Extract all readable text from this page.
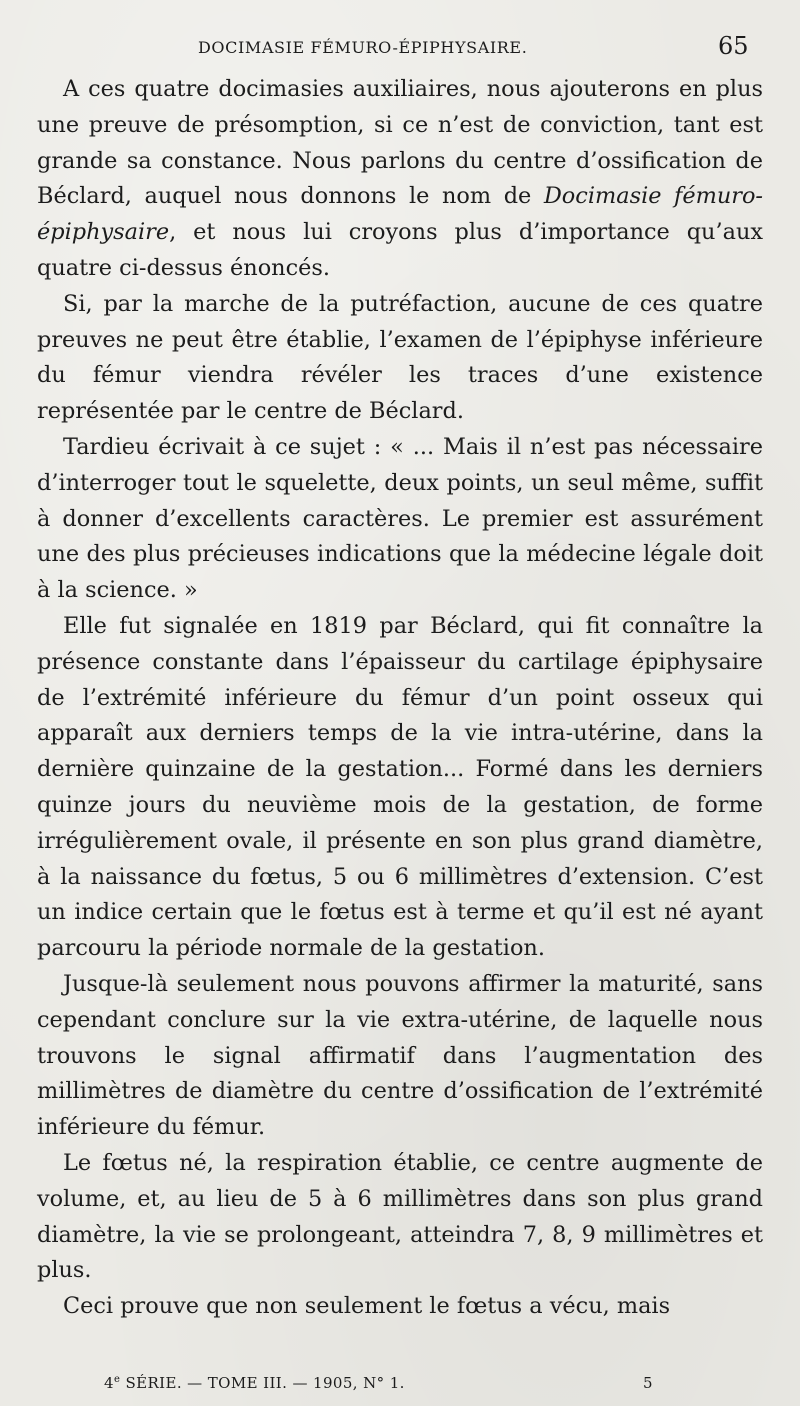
DOCIMASIE FÉMURO-ÉPIPHYSAIRE.	65

A ces quatre docimasies auxiliaires, nous ajouterons en plus une preuve de présomption, si ce n’est de conviction, tant est grande sa constance. Nous parlons du centre d’ossification de Béclard, auquel nous donnons le nom de Docimasie fémuro-épiphysaire, et nous lui croyons plus d’importance qu’aux quatre ci-dessus énoncés.

Si, par la marche de la putréfaction, aucune de ces quatre preuves ne peut être établie, l’examen de l’épiphyse inférieure du fémur viendra révéler les traces d’une existence représentée par le centre de Béclard.

Tardieu écrivait à ce sujet : « ... Mais il n’est pas nécessaire d’interroger tout le squelette, deux points, un seul même, suffit à donner d’excellents caractères. Le premier est assurément une des plus précieuses indications que la médecine légale doit à la science. »

Elle fut signalée en 1819 par Béclard, qui fit connaître la présence constante dans l’épaisseur du cartilage épiphysaire de l’extrémité inférieure du fémur d’un point osseux qui apparaît aux derniers temps de la vie intra-utérine, dans la dernière quinzaine de la gestation... Formé dans les derniers quinze jours du neuvième mois de la gestation, de forme irrégulièrement ovale, il présente en son plus grand diamètre, à la naissance du fœtus, 5 ou 6 millimètres d’extension. C’est un indice certain que le fœtus est à terme et qu’il est né ayant parcouru la période normale de la gestation.

Jusque-là seulement nous pouvons affirmer la maturité, sans cependant conclure sur la vie extra-utérine, de laquelle nous trouvons le signal affirmatif dans l’augmentation des millimètres de diamètre du centre d’ossification de l’extrémité inférieure du fémur.

Le fœtus né, la respiration établie, ce centre augmente de volume, et, au lieu de 5 à 6 millimètres dans son plus grand diamètre, la vie se prolongeant, atteindra 7, 8, 9 millimètres et plus.

Ceci prouve que non seulement le fœtus a vécu, mais

4e SÉRIE. — TOME III. — 1905, N° 1.	5
